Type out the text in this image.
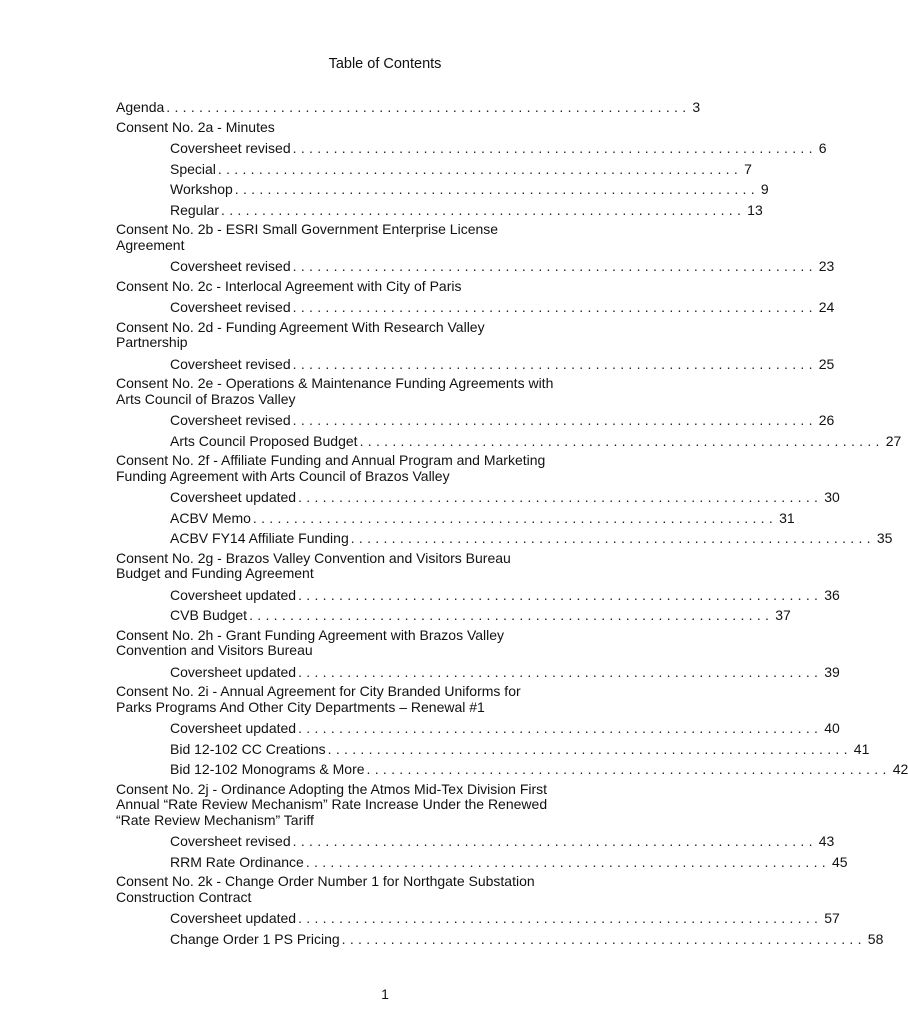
Table of Contents
Agenda ................................................................ 3
Consent No. 2a - Minutes
Coversheet revised ................................................................ 6
Special ................................................................ 7
Workshop ................................................................ 9
Regular ................................................................ 13
Consent No. 2b - ESRI Small Government Enterprise License Agreement
Coversheet revised ................................................................ 23
Consent No. 2c - Interlocal Agreement with City of Paris
Coversheet revised ................................................................ 24
Consent No. 2d - Funding Agreement With Research Valley Partnership
Coversheet revised ................................................................ 25
Consent No. 2e - Operations & Maintenance Funding Agreements with Arts Council of Brazos Valley
Coversheet revised ................................................................ 26
Arts Council Proposed Budget ................................................................ 27
Consent No. 2f - Affiliate Funding and Annual Program and Marketing Funding Agreement with Arts Council of Brazos Valley
Coversheet updated ................................................................ 30
ACBV Memo ................................................................ 31
ACBV FY14 Affiliate Funding ................................................................ 35
Consent No. 2g - Brazos Valley Convention and Visitors Bureau Budget and Funding Agreement
Coversheet updated ................................................................ 36
CVB Budget ................................................................ 37
Consent No. 2h - Grant Funding Agreement with Brazos Valley Convention and Visitors Bureau
Coversheet updated ................................................................ 39
Consent No. 2i - Annual Agreement for City Branded Uniforms for Parks Programs And Other City Departments – Renewal #1
Coversheet updated ................................................................ 40
Bid 12-102 CC Creations ................................................................ 41
Bid 12-102 Monograms & More ................................................................ 42
Consent No. 2j - Ordinance Adopting the Atmos Mid-Tex Division First Annual “Rate Review Mechanism” Rate Increase Under the Renewed “Rate Review Mechanism” Tariff
Coversheet revised ................................................................ 43
RRM Rate Ordinance ................................................................ 45
Consent No. 2k - Change Order Number 1 for Northgate Substation Construction Contract
Coversheet updated ................................................................ 57
Change Order 1 PS Pricing ................................................................ 58
1
